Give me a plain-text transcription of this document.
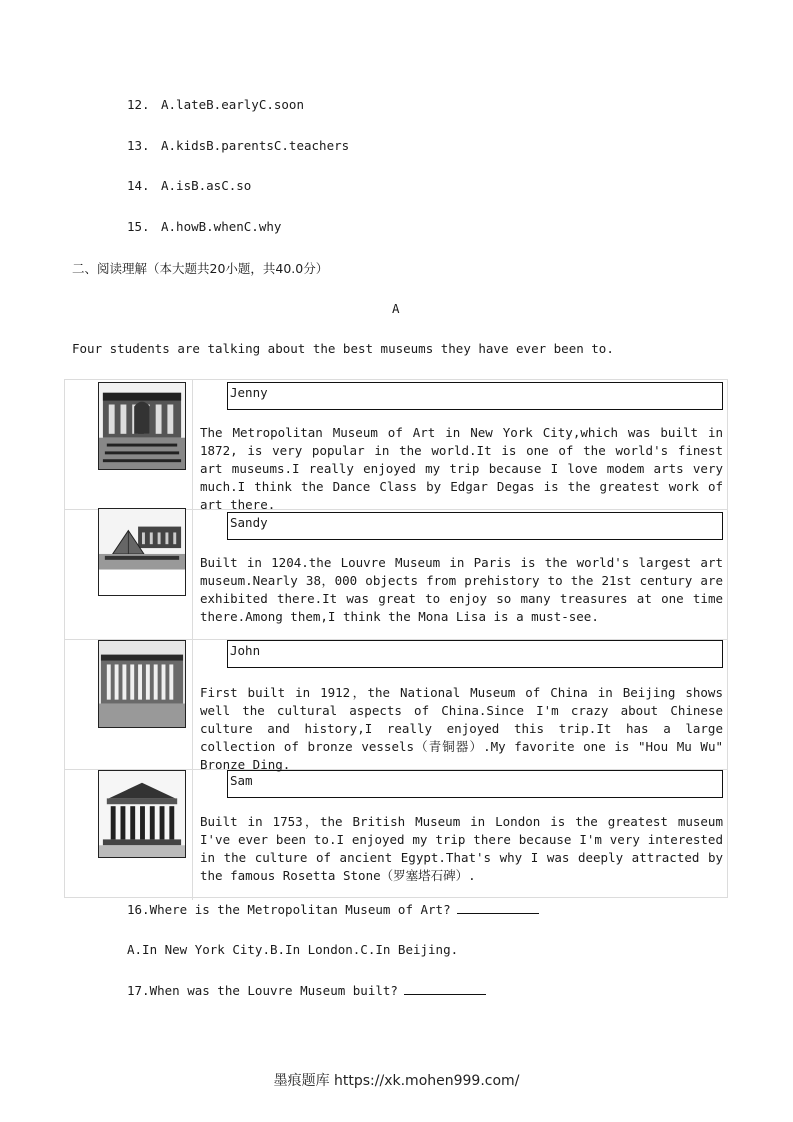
12. A.lateB.earlyC.soon
13. A.kidsB.parentsC.teachers
14. A.isB.asC.so
15. A.howB.whenC.why
二、阅读理解（本大题共20小题，共40.0分）
A
Four students are talking about the best museums they have ever been to.
Jenny
The Metropolitan Museum of Art in New York City,which was built in 1872, is very popular in the world.It is one of the world's finest art museums.I really enjoyed my trip because I love modem arts very much.I think the Dance Class by Edgar Degas is the greatest work of art there.
Sandy
Built in 1204.the Louvre Museum in Paris is the world's largest art museum.Nearly 38，000 objects from prehistory to the 21st century are exhibited there.It was great to enjoy so many treasures at one time there.Among them,I think the Mona Lisa is a must-see.
John
First built in 1912，the National Museum of China in Beijing shows well the cultural aspects of China.Since I'm crazy about Chinese culture and history,I really enjoyed this trip.It has a large collection of bronze vessels（青铜器）.My favorite one is "Hou Mu Wu" Bronze Ding.
Sam
Built in 1753，the British Museum in London is the greatest museum I've ever been to.I enjoyed my trip there because I'm very interested in the culture of ancient Egypt.That's why I was deeply attracted by the famous Rosetta Stone（罗塞塔石碑）.
16.Where is the Metropolitan Museum of Art?
A.In New York City.B.In London.C.In Beijing.
17.When was the Louvre Museum built?
墨痕题库 https://xk.mohen999.com/
